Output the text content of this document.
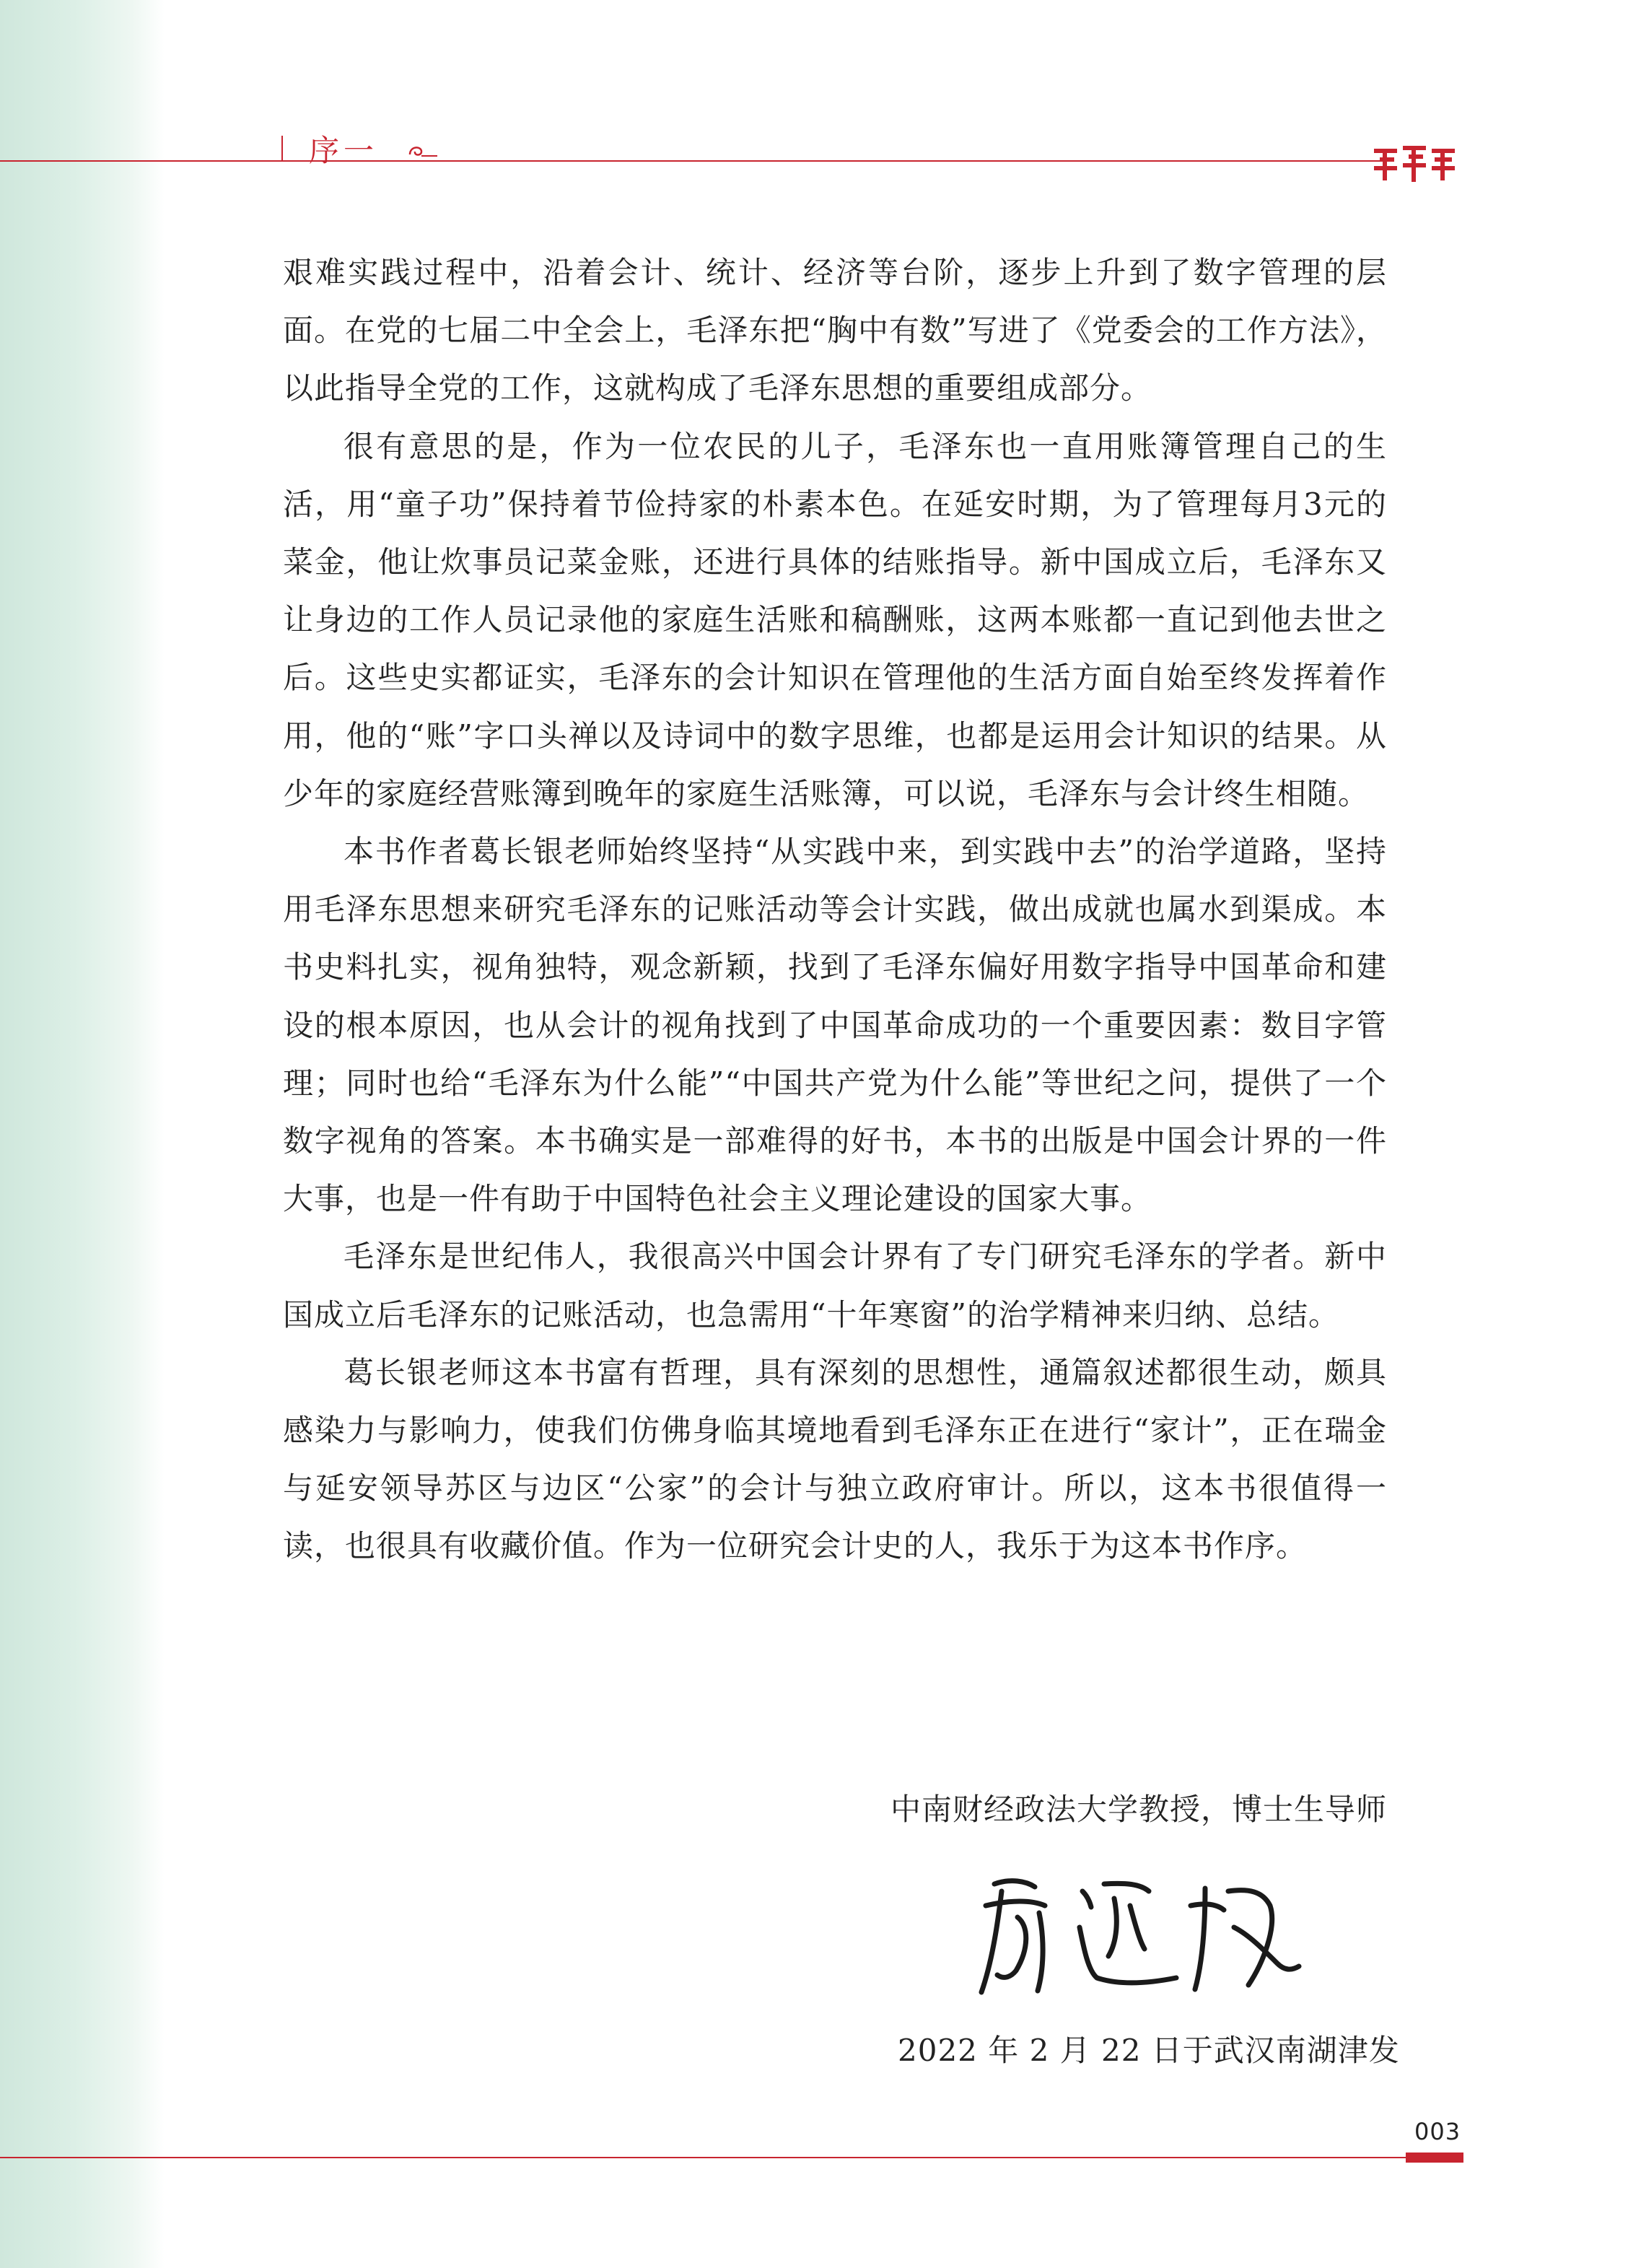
序一

艰难实践过程中，沿着会计、统计、经济等台阶，逐步上升到了数字管理的层面。在党的七届二中全会上，毛泽东把“胸中有数”写进了《党委会的工作方法》，以此指导全党的工作，这就构成了毛泽东思想的重要组成部分。

很有意思的是，作为一位农民的儿子，毛泽东也一直用账簿管理自己的生活，用“童子功”保持着节俭持家的朴素本色。在延安时期，为了管理每月3元的菜金，他让炊事员记菜金账，还进行具体的结账指导。新中国成立后，毛泽东又让身边的工作人员记录他的家庭生活账和稿酬账，这两本账都一直记到他去世之后。这些史实都证实，毛泽东的会计知识在管理他的生活方面自始至终发挥着作用，他的“账”字口头禅以及诗词中的数字思维，也都是运用会计知识的结果。从少年的家庭经营账簿到晚年的家庭生活账簿，可以说，毛泽东与会计终生相随。

本书作者葛长银老师始终坚持“从实践中来，到实践中去”的治学道路，坚持用毛泽东思想来研究毛泽东的记账活动等会计实践，做出成就也属水到渠成。本书史料扎实，视角独特，观念新颖，找到了毛泽东偏好用数字指导中国革命和建设的根本原因，也从会计的视角找到了中国革命成功的一个重要因素：数目字管理；同时也给“毛泽东为什么能”“中国共产党为什么能”等世纪之问，提供了一个数字视角的答案。本书确实是一部难得的好书，本书的出版是中国会计界的一件大事，也是一件有助于中国特色社会主义理论建设的国家大事。

毛泽东是世纪伟人，我很高兴中国会计界有了专门研究毛泽东的学者。新中国成立后毛泽东的记账活动，也急需用“十年寒窗”的治学精神来归纳、总结。

葛长银老师这本书富有哲理，具有深刻的思想性，通篇叙述都很生动，颇具感染力与影响力，使我们仿佛身临其境地看到毛泽东正在进行“家计”，正在瑞金与延安领导苏区与边区“公家”的会计与独立政府审计。所以，这本书很值得一读，也很具有收藏价值。作为一位研究会计史的人，我乐于为这本书作序。

中南财经政法大学教授，博士生导师
2022 年 2 月 22 日于武汉南湖津发
003
